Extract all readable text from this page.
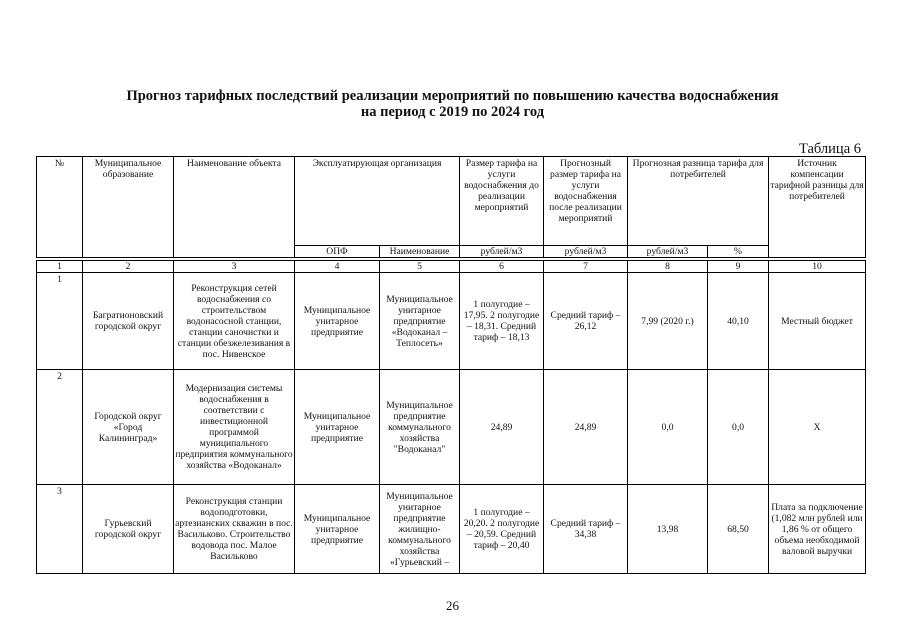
Прогноз тарифных последствий реализации мероприятий по повышению качества водоснабжения
на период с 2019 по 2024 год
Таблица 6
№	Муниципальное образование	Наименование объекта	Эксплуатирующая организация		Размер тарифа на услуги водоснабжения до реализации мероприятий	Прогнозный размер тарифа на услуги водоснабжения после реализации мероприятий	Прогнозная разница тарифа для потребителей		Источник компенсации тарифной разницы для потребителей
			ОПФ	Наименование	рублей/м3	рублей/м3	рублей/м3	%	

1	2	3	4	5	6	7	8	9	10
1	Багратионовский городской округ	Реконструкция сетей водоснабжения со строительством водонасосной станции, станции саночистки и станции обезжелезивания в пос. Нивенское	Муниципальное унитарное предприятие	Муниципальное унитарное предприятие «Водоканал – Теплосеть»	1 полугодие – 17,95. 2 полугодие – 18,31. Средний тариф – 18,13	Средний тариф – 26,12	7,99 (2020 г.)	40,10	Местный бюджет
2	Городской округ «Город Калининград»	Модернизация системы водоснабжения в соответствии с инвестиционной программой муниципального предприятия коммунального хозяйства «Водоканал»	Муниципальное унитарное предприятие	Муниципальное предприятие коммунального хозяйства "Водоканал"	24,89	24,89	0,0	0,0	Х
3	Гурьевский городской округ	Реконструкция станции водоподготовки, артезианских скважин в пос. Васильково. Строительство водовода пос. Малое Васильково	Муниципальное унитарное предприятие	Муниципальное унитарное предприятие жилищно-коммунального хозяйства «Гурьевский –	1 полугодие – 20,20. 2 полугодие – 20,59. Средний тариф – 20,40	Средний тариф – 34,38	13,98	68,50	Плата за подключение (1,082 млн рублей или 1,86 % от общего объема необходимой валовой выручки
26
